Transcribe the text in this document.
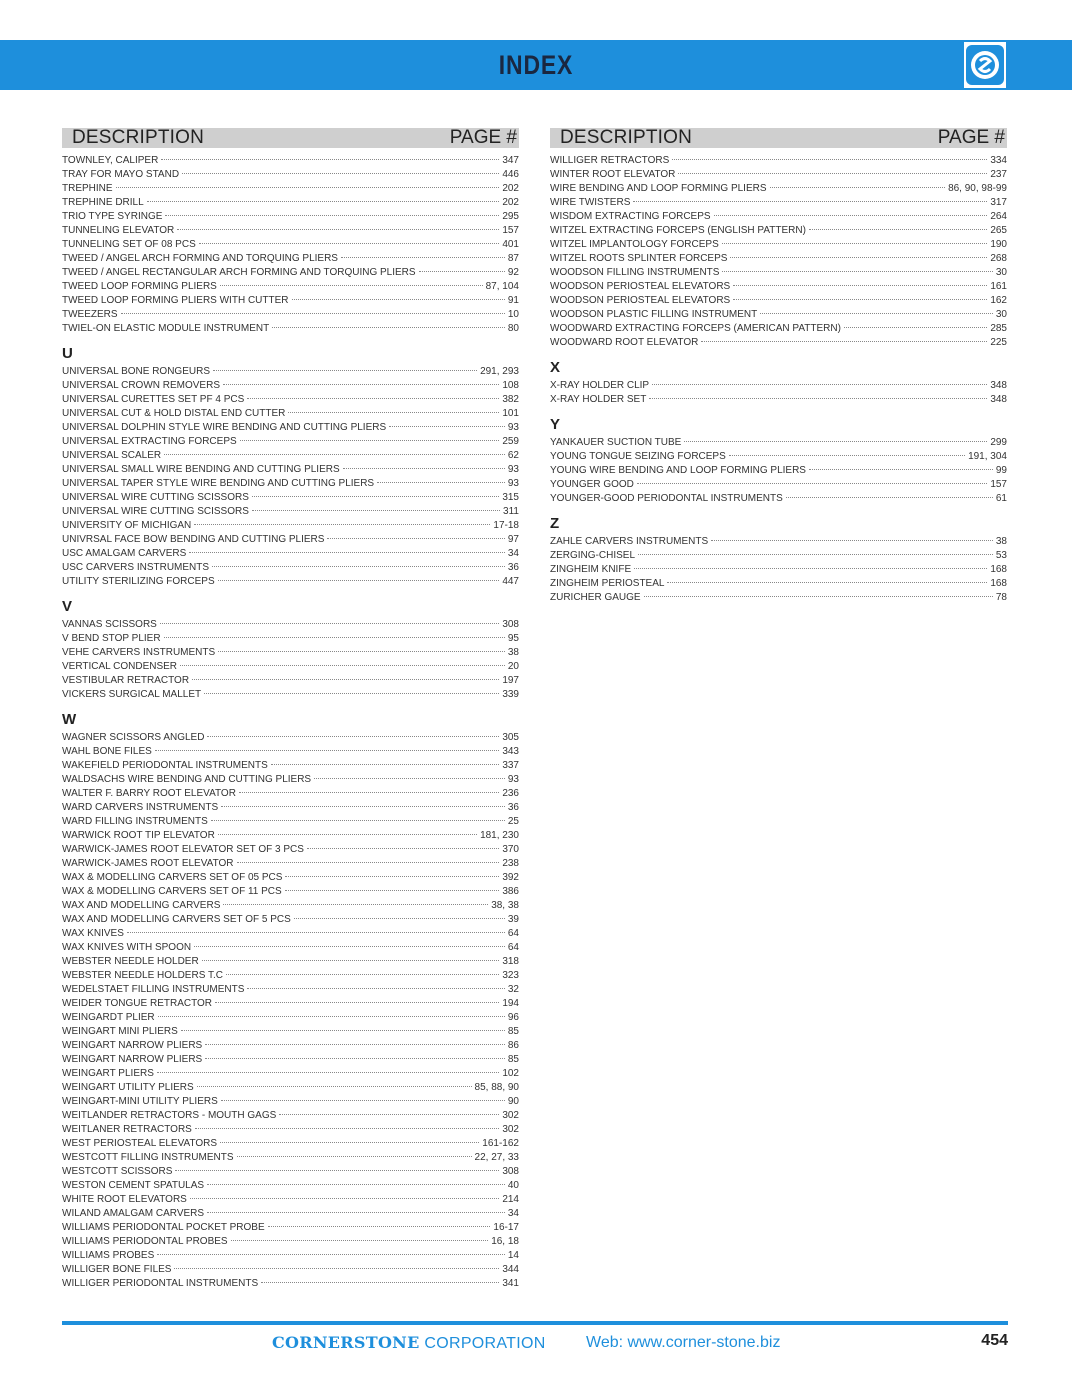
INDEX
DESCRIPTION	PAGE #
TOWNLEY, CALIPER	347
TRAY FOR MAYO STAND	446
TREPHINE	202
TREPHINE DRILL	202
TRIO TYPE SYRINGE	295
TUNNELING ELEVATOR	157
TUNNELING SET OF 08 PCS	401
TWEED / ANGEL ARCH FORMING AND TORQUING PLIERS	87
TWEED / ANGEL RECTANGULAR ARCH FORMING AND TORQUING PLIERS	92
TWEED LOOP FORMING PLIERS	87, 104
TWEED LOOP FORMING PLIERS WITH CUTTER	91
TWEEZERS	10
TWIEL-ON ELASTIC MODULE INSTRUMENT	80
U
UNIVERSAL BONE RONGEURS	291, 293
UNIVERSAL CROWN REMOVERS	108
UNIVERSAL CURETTES SET PF 4 PCS	382
UNIVERSAL CUT & HOLD DISTAL END CUTTER	101
UNIVERSAL DOLPHIN STYLE WIRE BENDING AND CUTTING PLIERS	93
UNIVERSAL EXTRACTING FORCEPS	259
UNIVERSAL SCALER	62
UNIVERSAL SMALL WIRE BENDING AND CUTTING PLIERS	93
UNIVERSAL TAPER STYLE WIRE BENDING AND CUTTING PLIERS	93
UNIVERSAL WIRE CUTTING SCISSORS	315
UNIVERSAL WIRE CUTTING SCISSORS	311
UNIVERSITY OF MICHIGAN	17-18
UNIVRSAL FACE BOW BENDING AND CUTTING PLIERS	97
USC AMALGAM CARVERS	34
USC CARVERS INSTRUMENTS	36
UTILITY STERILIZING FORCEPS	447
V
VANNAS SCISSORS	308
V BEND STOP PLIER	95
VEHE CARVERS INSTRUMENTS	38
VERTICAL CONDENSER	20
VESTIBULAR RETRACTOR	197
VICKERS SURGICAL MALLET	339
W
WAGNER SCISSORS ANGLED	305
WAHL BONE FILES	343
WAKEFIELD PERIODONTAL INSTRUMENTS	337
WALDSACHS WIRE BENDING AND CUTTING PLIERS	93
WALTER F. BARRY ROOT ELEVATOR	236
WARD CARVERS INSTRUMENTS	36
WARD FILLING INSTRUMENTS	25
WARWICK ROOT TIP ELEVATOR	181, 230
WARWICK-JAMES ROOT ELEVATOR SET OF 3 PCS	370
WARWICK-JAMES ROOT ELEVATOR	238
WAX & MODELLING CARVERS SET OF 05 PCS	392
WAX & MODELLING CARVERS SET OF 11 PCS	386
WAX AND MODELLING CARVERS	38, 38
WAX AND MODELLING CARVERS SET OF 5 PCS	39
WAX KNIVES	64
WAX KNIVES WITH SPOON	64
WEBSTER NEEDLE HOLDER	318
WEBSTER NEEDLE HOLDERS T.C	323
WEDELSTAET FILLING INSTRUMENTS	32
WEIDER TONGUE RETRACTOR	194
WEINGARDT PLIER	96
WEINGART MINI PLIERS	85
WEINGART NARROW PLIERS	86
WEINGART NARROW PLIERS	85
WEINGART PLIERS	102
WEINGART UTILITY PLIERS	85, 88, 90
WEINGART-MINI UTILITY PLIERS	90
WEITLANDER RETRACTORS - MOUTH GAGS	302
WEITLANER RETRACTORS	302
WEST PERIOSTEAL ELEVATORS	161-162
WESTCOTT FILLING INSTRUMENTS	22, 27, 33
WESTCOTT SCISSORS	308
WESTON CEMENT SPATULAS	40
WHITE ROOT ELEVATORS	214
WILAND AMALGAM CARVERS	34
WILLIAMS PERIODONTAL POCKET PROBE	16-17
WILLIAMS PERIODONTAL PROBES	16, 18
WILLIAMS PROBES	14
WILLIGER BONE FILES	344
WILLIGER PERIODONTAL INSTRUMENTS	341
DESCRIPTION	PAGE #
WILLIGER RETRACTORS	334
WINTER ROOT ELEVATOR	237
WIRE BENDING AND LOOP FORMING PLIERS	86, 90, 98-99
WIRE TWISTERS	317
WISDOM EXTRACTING FORCEPS	264
WITZEL EXTRACTING FORCEPS (ENGLISH PATTERN)	265
WITZEL IMPLANTOLOGY FORCEPS	190
WITZEL ROOTS SPLINTER FORCEPS	268
WOODSON FILLING INSTRUMENTS	30
WOODSON PERIOSTEAL ELEVATORS	161
WOODSON PERIOSTEAL ELEVATORS	162
WOODSON PLASTIC FILLING INSTRUMENT	30
WOODWARD EXTRACTING FORCEPS (AMERICAN PATTERN)	285
WOODWARD ROOT ELEVATOR	225
X
X-RAY HOLDER CLIP	348
X-RAY HOLDER SET	348
Y
YANKAUER SUCTION TUBE	299
YOUNG TONGUE SEIZING FORCEPS	191, 304
YOUNG WIRE BENDING AND LOOP FORMING PLIERS	99
YOUNGER GOOD	157
YOUNGER-GOOD PERIODONTAL INSTRUMENTS	61
Z
ZAHLE CARVERS INSTRUMENTS	38
ZERGING-CHISEL	53
ZINGHEIM KNIFE	168
ZINGHEIM PERIOSTEAL	168
ZURICHER GAUGE	78
CORNERSTONE CORPORATION	Web: www.corner-stone.biz	454
